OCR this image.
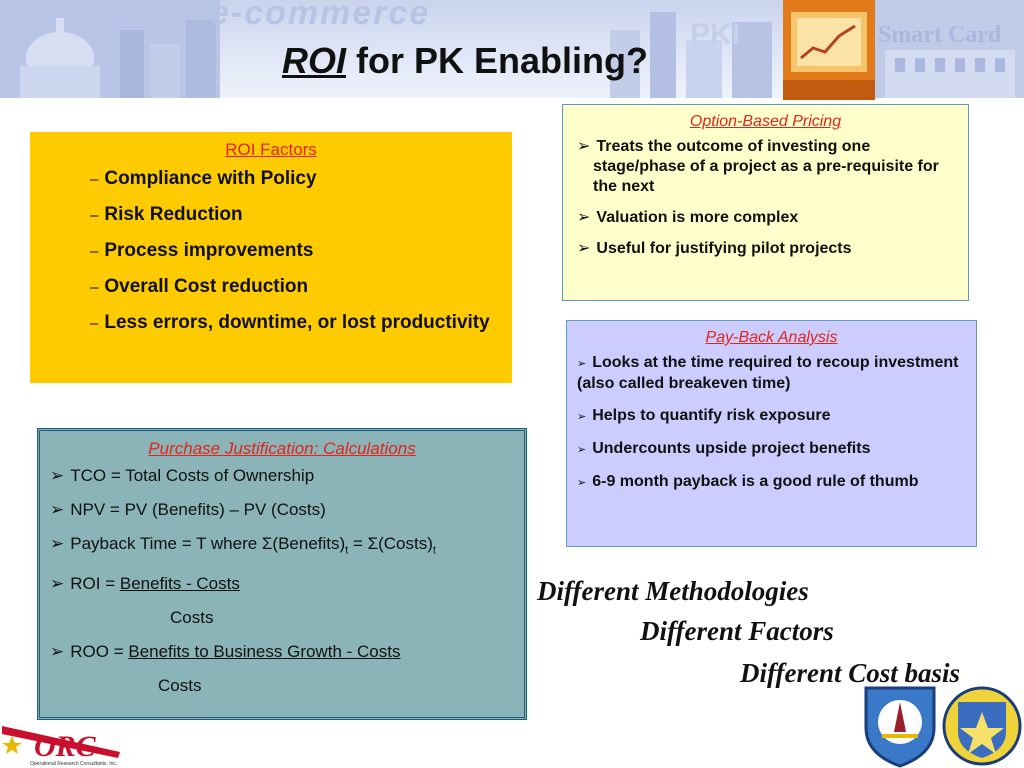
e-commerce
PKI	Smart Card
ROI for PK Enabling?
ROI Factors
– Compliance with Policy
– Risk Reduction
– Process improvements
– Overall Cost reduction
– Less errors, downtime, or lost productivity
Option-Based Pricing
➢ Treats the outcome of investing one stage/phase of a project as a pre-requisite for the next
➢ Valuation is more complex
➢ Useful for justifying pilot projects
Pay-Back Analysis
➢ Looks at the time required to recoup investment (also called breakeven time)
➢ Helps to quantify risk exposure
➢ Undercounts upside project benefits
➢ 6-9 month payback is a good rule of thumb
Purchase Justification: Calculations
➢ TCO = Total Costs of Ownership
➢ NPV = PV (Benefits) – PV (Costs)
➢ Payback Time = T where $\Sigma(Benefits)_t$ = $\Sigma(Costs)_t$
➢ ROI = Benefits - Costs
Costs
➢ ROO = Benefits to Business Growth - Costs
Costs
Different Methodologies
Different Factors
Different Cost basis
ORC
Operational Research Consultants, Inc.
